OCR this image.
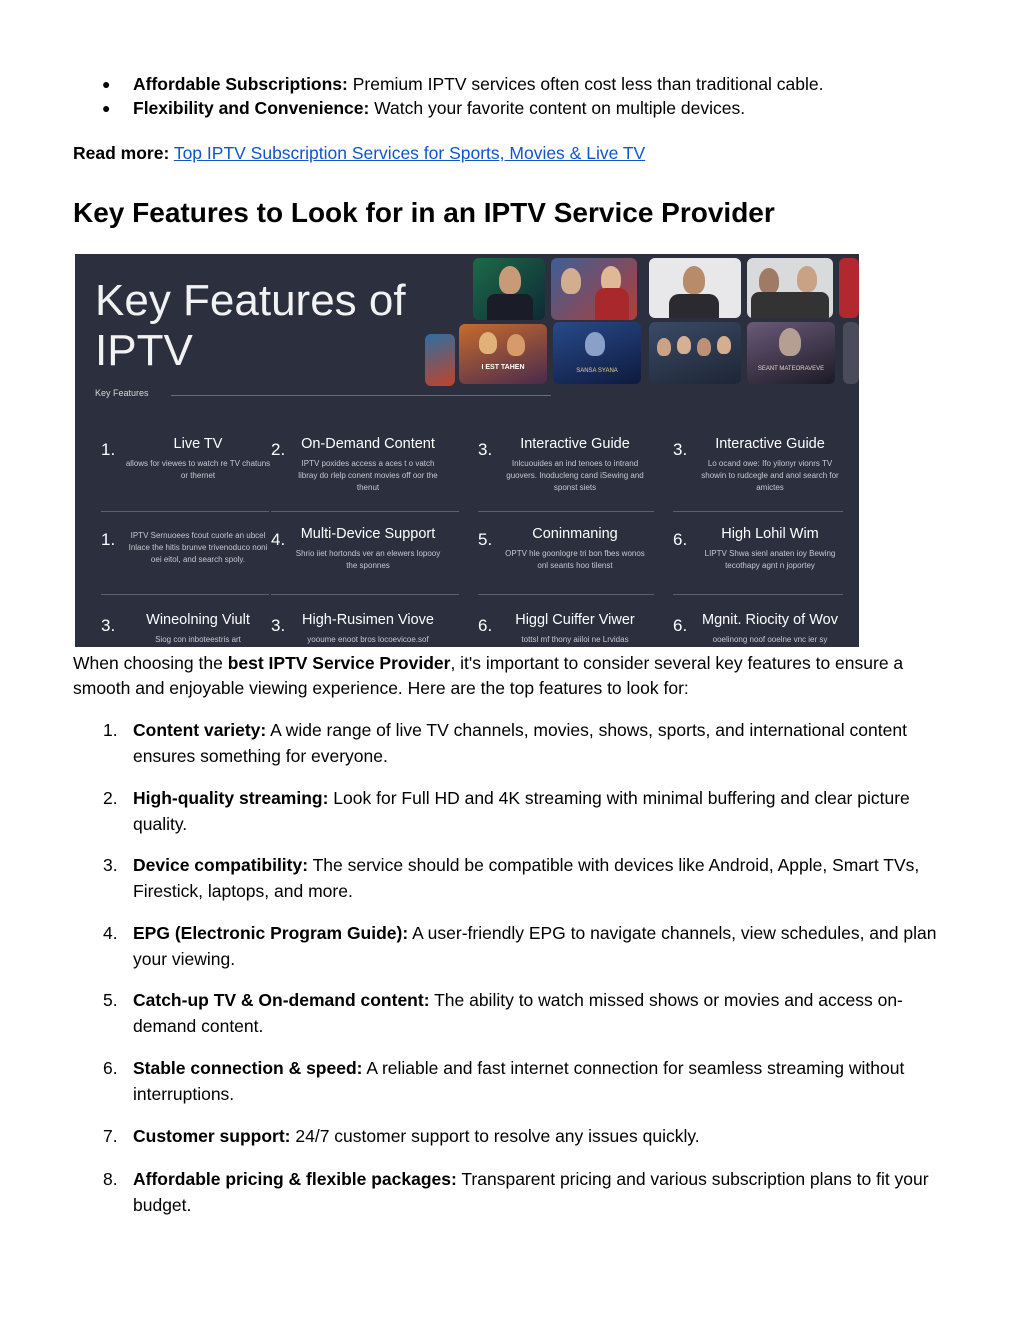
● Affordable Subscriptions: Premium IPTV services often cost less than traditional cable.
● Flexibility and Convenience: Watch your favorite content on multiple devices.
Read more: Top IPTV Subscription Services for Sports, Movies & Live TV
Key Features to Look for in an IPTV Service Provider
Key Features of
IPTV
Key Features
I EST TAHEN	SANSA SYANA	SEANT MATEORAVEVE
1.	Live TV
allows for viewes to watch re TV chatuns or thernet
2.	On-Demand Content
IPTV poxides access a aces t o vatch libray do rlelp conent movies off oor the thenut
3.	Interactive Guide
Inlcuouides an ind tenoes to intrand guovers. Inoducleng cand iSewing and sponst siets
3.	Interactive Guide
Lo ocand owe: Ifo yilonyr vionrs TV showin to rudcegle and anol search for amictes
1.	IPTV Sernuoees fcout cuorle an ubcel Inlace the hitis brunve trivenoduco noni oei eitol, and search spoly.
4.	Multi-Device Support
Shrio iiet hortonds ver an elewers lopooy the sponnes
5.	Coninmaning
OPTV hle goonlogre tri bon fbes wonos onl seants hoo tilenst
6.	High Lohil Wim
LIPTV Shwa sienl anaten ioy Bewing tecothapy agnt n joportey
3.	Wineolning Viult
Siog con inboteestris art
3.	High-Rusimen Viove
yooume enoot bros locoevicoe.sof
6.	Higgl Cuiffer Viwer
tottsl mf thony aiiloi ne Lrvidas
6.	Mgnit. Riocity of Wov
ooelinong noof ooelne vnc ier sy
When choosing the best IPTV Service Provider, it's important to consider several key features to ensure a smooth and enjoyable viewing experience. Here are the top features to look for:
1. Content variety: A wide range of live TV channels, movies, shows, sports, and international content ensures something for everyone.
2. High-quality streaming: Look for Full HD and 4K streaming with minimal buffering and clear picture quality.
3. Device compatibility: The service should be compatible with devices like Android, Apple, Smart TVs, Firestick, laptops, and more.
4. EPG (Electronic Program Guide): A user-friendly EPG to navigate channels, view schedules, and plan your viewing.
5. Catch-up TV & On-demand content: The ability to watch missed shows or movies and access on-demand content.
6. Stable connection & speed: A reliable and fast internet connection for seamless streaming without interruptions.
7. Customer support: 24/7 customer support to resolve any issues quickly.
8. Affordable pricing & flexible packages: Transparent pricing and various subscription plans to fit your budget.
